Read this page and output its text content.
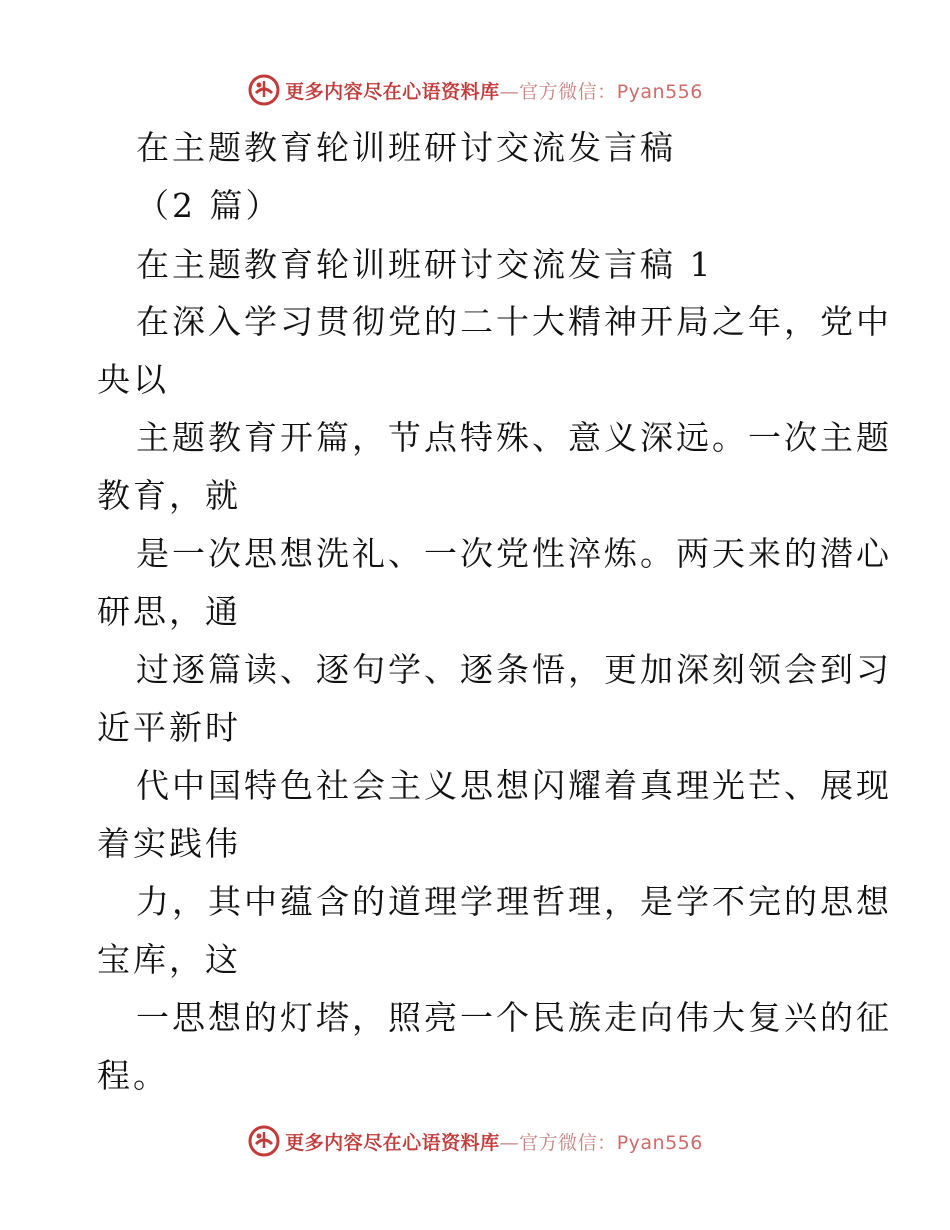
更多内容尽在心语资料库—官方微信：Pyan556
在主题教育轮训班研讨交流发言稿
（2 篇）
在主题教育轮训班研讨交流发言稿 1
在深入学习贯彻党的二十大精神开局之年，党中
央以
主题教育开篇，节点特殊、意义深远。一次主题
教育，就
是一次思想洗礼、一次党性淬炼。两天来的潜心
研思，通
过逐篇读、逐句学、逐条悟，更加深刻领会到习
近平新时
代中国特色社会主义思想闪耀着真理光芒、展现
着实践伟
力，其中蕴含的道理学理哲理，是学不完的思想
宝库，这
一思想的灯塔，照亮一个民族走向伟大复兴的征
程。
更多内容尽在心语资料库—官方微信：Pyan556
